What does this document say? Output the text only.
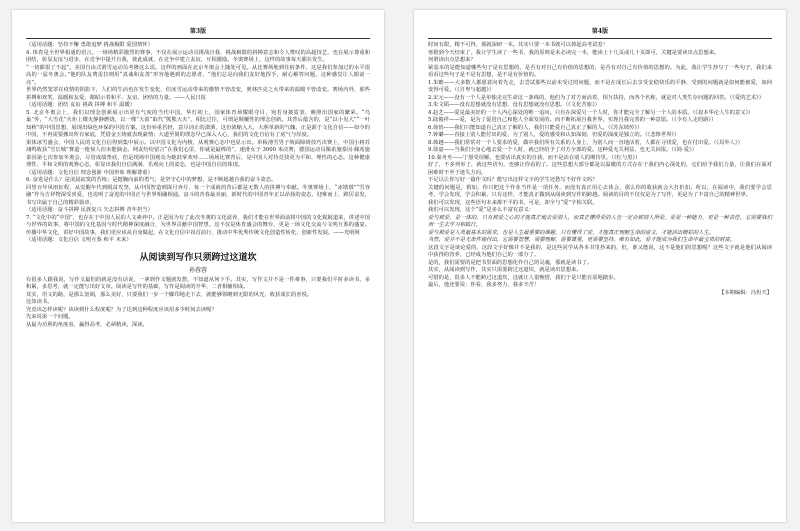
第3版

（适用话题：坚持不懈 勇敢追梦 挑战极限 爱国情怀）

4. 体育是全世界相通的语言。一场场精彩激烈的赛事，不仅在展示运动员挑战自我、挑战极限的拼搏意志和令人赞叹的高超技艺，也在展示尊重和团结，彰显友谊与进步，在竞争中提升自我，彼此成就，在竞争中建立友谊，互相激励。冬奥赛场上，这样的故事每天都在发生。

“一切都很了不起”。美国自由式滑雪运动员考隆这么说。这样的画面在北京冬奥会上随处可见。从比赛场地到住宿条件，这是我们参加过的水平很高的一届冬奥会。”他的队友费雷拉则用“真诚和友善”形容他遇到的志愿者，“他们总是向我们友好地挥手，耐心解答问题，这种感觉让人眼前一亮”。

世界仍然笼罩在疫情的阴影下，人们的生活也在发生变化，但冰雪运动带来的激情不曾改变，奥林匹克之火带来的温暖不曾改变。赛场内外，那些拼搏和欢笑、温暖和友爱，都昭示着和平、友谊、团结的力量。——人民日报

（适用话题：团结 友谊 挑战 拼搏 和平 温暖）

5. 北京冬奥会上，我们以理念创新展示出更有气度的当代中国。华灯初上，国家体育场耀眼夺目，宛若身披霓裳，映照出国家的繁荣。“鸟巢”外，“大雪花”火炬上微火静静燃烧，以一棵“大盈”取代“熊熊大火”，相比过往，可谓是颠覆性的理念创新。其背后蕴含的，是“以小见大”“一叶知秋”的中国思想，展现出绿色环保的中国方案。这份举重若轻，意尽词止的潇洒，这份浓缩入大，大胆革新的气魄，正是源于文化自信——如今的中国，不再需要搬出所有家底，凭借金玉铸就表现豪情；大道至简的理念早已深入人心，我们的文化自信有了底气与厚度。

果体冰雪盛会，中国人民的文化自信得到集中展示。以中国文化为内核，从观赛心态中也显示出。单板滑雪男子坡面障碍技巧决赛上，中国小将苏翊鸣收获“雪长城”赛道一枪惊人但未能摘金。网友纷纷留言“在我们心里，你就是最棒的”，速滑女子 3000 米决赛，德国运动员佩希施泰因·佩希施泰因第七次参加冬奥会，尽管成绩垫底，但是现场中国观众为她鼓掌欢呼……场场比赛背后，是中国人对待竞技更为平和、理性的心态。这种健康理性、平和文明的观赛心态，彰显出我们自信满满、乐观向上的姿态，也是中国自信的体现。

（适用话题：文化自信 理念创新 中国形象 理解尊重）

6. 奋进是什么？是凌晨寂寞的苦练；是挺胸向前的勇气；是坚守心中的梦想，是不断超越自我的奋斗姿态。

回望百年风雨征程，从觉醒年代到脱贫攻坚，从中国智造到探月奔月，每一个成就的背后都是无数人的拼搏与奉献。冬奥赛场上，“冰墩墩”“雪容融”作为吉祥物深受喜爱，也说明了奋进的中国正与世界相融相通。奋斗的青春最美丽，新时代的中国青年正以昂扬的姿态，迎难而上、踔厉奋发，书写出属于自己的精彩篇章。

（适用话题：奋斗拼搏 民族复兴 矢志拼搏 青年担当）

7. “文化中的“中国”，也存在于中国人民的人文素养中。正是因为有了此次冬奥的文化滋养，我们才能在世界面前将中国的文化娓娓道来，讲述中国与世界的故事，将中国的文化基因与时代精神深度融合，为世界贡献中国智慧。这不仅是体育盛会的舞台，更是一场文化交流与文明互鉴的盛宴。传播中华文化，讲好中国故事，我们更应该从自身做起，在文化自信中昂首前行，推动中华优秀传统文化创造性转化、创新性发展。——光明网

（适用话题：文化自信 文明互鉴 和平 未来）

从阅读到写作只须跨过这道坎

孙蓉蓉

有很多人跟我说，写作文最怕的就是没有话说，一拿到作文题就发愁，不知道从何下手。其实，写作文并不是一件难事，只要我们平时多读书，多积累，多思考，就一定能写出好文章。阅读是写作的基础，写作是阅读的升华，二者相辅相成。

其实，语文的路，是那么宽阔，那么美好，只要我们一步一个脚印地走下去，就能够领略到无限的风光，收获成长的喜悦。

比如读书。

究竟该怎样读呢？该读到什么程度呢？为了达到这种程度应该用多少时间去读呢？

先来说第一个问题。

从最为功利的角度看，赢得高考，必须精读，深读。

第4版

时间有限，精不可得，那就深研一本。其实只要一本书就可以掉起高考试卷！

寒假到今天结束了，我让学生读了一些书，我的原则是未必读完一本，能读上十几页或几十页即可，关键是要读出点思想来。

何谓读出点思想来？

紧基本的是能知道哪些句子是有思想的，是否有对自己有价值的思想的，是否有对自己有价值的思想的。为此，我让学生抄写了一些句子，我们来看看这些句子是不是有思想，是不是有价值的。

1.朱瞻——大多数人都愿意向着先走，去尝试那些以前未受过的问题，而不是在成长后去享受安稳快乐的平静，受到的问题就是如何能被爱，如何变得可爱。（《自卑与超越》）

2.宋元——没有一个人是单独走完生命这一条线的，他们为了对方而活着，相互扶持，而各个名称，就是对人类生存问题的回答。（《爱的艺术》）

3.朱文韬——没有思想就没有思想，没有思想就没有思想。（《文化苦旅》）

4.赵艺——爱是最美好的一个人内心深处的唯一追问。只有在深爱另一个人时，你才能完全了解另一个人的本质。（《叔本华论人生的意义》）

5.陆俊祥——爱，是为了促进自己和他人全面发展的。而不断拓展自我世界，实现自我完善的一种意愿。（《少有人走的路》）

6.徐悄——我们只能知道自己真正了解的人，我们只能爱自己真正了解的人。（《苏东坡传》）

7.钟璐——直接上别人能付出的爱，为了别人，爱的感受和认知深刻，但爱的深度是独立的。（《悲惨世界》）

8.韩越——我们常常对一个人要求的爱，做中我们所有关系的人身上，为别人而一直地活着，人都在寻找爱，也在付出爱。（《局外人》）

9.徐嘉——当我们全身心地去爱一个人时，就已经给予了对方全部的爱。这种爱无关利益，也无关回报。（《简·爱》）

10.秦舟舟——宁愿受误解，也要活出真实的自我，而不是活在别人的期待里。（《红与黑》）

好了，不多列举了，就这些语句，也够让你看的了。这些思想大部分都是以温暖的方式存在于我们内心深处的，它们给予我们力量，让我们在面对困难时不至于迷失方向。

不足以让你写好一篇作文吗？能写出这样文字的学生还愁写不好作文吗？

关键的问题是，假如，你只把这个作业当作是一项任务，而没有真正用心去体会，那么你的收获就会大打折扣。所以，在阅读中，我们要学会思考，学会发现，学会积累，只有这样，才能真正做到从阅读到写作的跨越。阅读的目的不仅仅是为了写作，更是为了丰富自己的精神世界。

我们可以发现，这些语句本来都不平的书，可是，却全与“爱”字相关联。

我们可以发现，这个“爱”是多么丰富有意义：

爱与被爱，是一体的，只有被爱之心的才能真正地去爱别人，而真正懂得爱的人也一定会被别人所爱。爱是一种能力，更是一种责任，它需要我们用一生去学习和践行。

爱与被爱是人类最基本的需求，也是人生最重要的课题，只有懂得了爱，才能真正理解生命的意义，才能活出精彩的人生。

当然，爱并不是无条件地付出，它需要智慧，需要理解，需要尊重，更需要坚持。唯有如此，爱才能成为我们生命中最宝贵的财富。

这段文字是谈论爱的，这段文字好像并不是我的，是这些同学从各本书里抄来的，但，谁又能说，这不是他们的思想呢？这些文字就是他们从阅读中获得的营养，已经成为他们自己的一部分了。

是的，我们需要的是把书里面的思想化作自己的灵魂，那就是读书了。

其实，从阅读到写作，其实只需要跨过这道坎，就是读出思想来。

可惜的是，很多人不能跨过这道坎，这就让人很惋惜，我们于是只能在原地踏步。

最后，他还要说：你看，我多努力，我多辛苦！

【本期编辑：冯恒天】
